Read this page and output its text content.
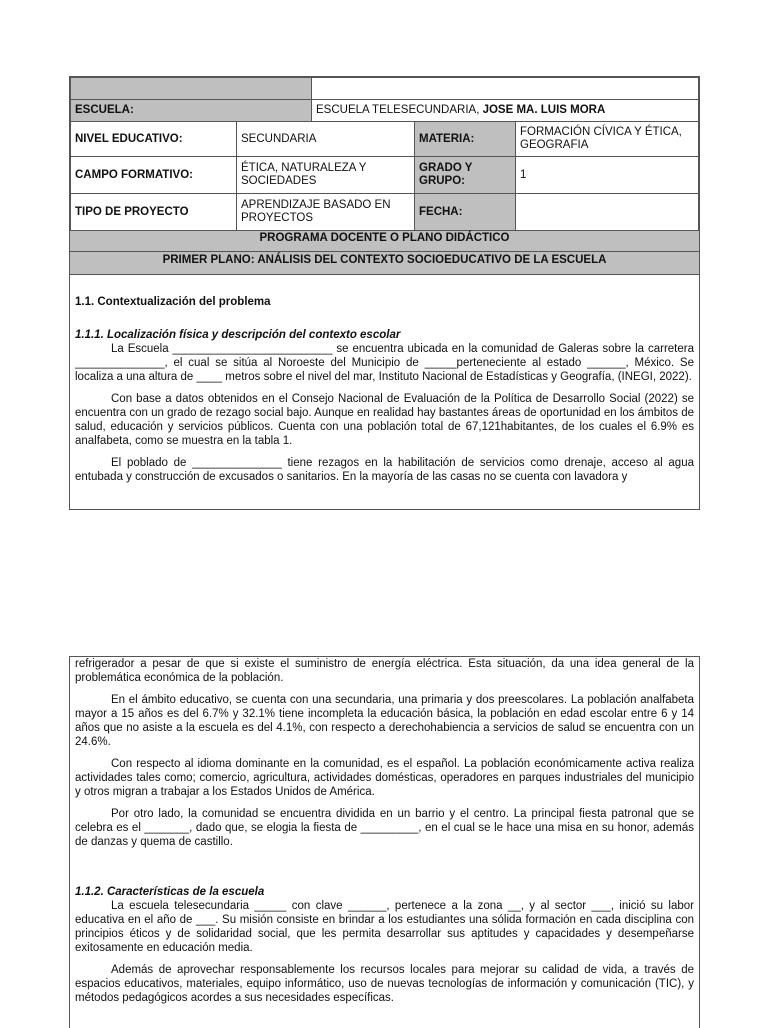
ESCUELA:		ESCUELA TELESECUNDARIA, JOSE MA. LUIS MORA		
NIVEL EDUCATIVO:	SECUNDARIA		MATERIA:	FORMACIÓN CÍVICA Y ÉTICA, GEOGRAFIA
CAMPO FORMATIVO:	ÉTICA, NATURALEZA Y SOCIEDADES		GRADO Y GRUPO:	1
TIPO DE PROYECTO	APRENDIZAJE BASADO EN PROYECTOS		FECHA:	
PROGRAMA DOCENTE O PLANO DIDÁCTICO
PRIMER PLANO: ANÁLISIS DEL CONTEXTO SOCIOEDUCATIVO DE LA ESCUELA
1.1. Contextualización del problema
1.1.1. Localización física y descripción del contexto escolar

La Escuela _________________________ se encuentra ubicada en la comunidad de Galeras sobre la carretera ______________, el cual se sitúa al Noroeste del Municipio de _____perteneciente al estado ______, México. Se localiza a una altura de ____ metros sobre el nivel del mar, Instituto Nacional de Estadísticas y Geografía, (INEGI, 2022).

Con base a datos obtenidos en el Consejo Nacional de Evaluación de la Política de Desarrollo Social (2022) se encuentra con un grado de rezago social bajo. Aunque en realidad hay bastantes áreas de oportunidad en los ámbitos de salud, educación y servicios públicos. Cuenta con una población total de 67,121habitantes, de los cuales el 6.9% es analfabeta, como se muestra en la tabla 1.

El poblado de ______________ tiene rezagos en la habilitación de servicios como drenaje, acceso al agua entubada y construcción de excusados o sanitarios. En la mayoría de las casas no se cuenta con lavadora y

refrigerador a pesar de que si existe el suministro de energía eléctrica. Esta situación, da una idea general de la problemática económica de la población.

En el ámbito educativo, se cuenta con una secundaria, una primaria y dos preescolares. La población analfabeta mayor a 15 años es del 6.7% y 32.1% tiene incompleta la educación básica, la población en edad escolar entre 6 y 14 años que no asiste a la escuela es del 4.1%, con respecto a derechohabiencia a servicios de salud se encuentra con un 24.6%.

Con respecto al idioma dominante en la comunidad, es el español. La población económicamente activa realiza actividades tales como; comercio, agricultura, actividades domésticas, operadores en parques industriales del municipio y otros migran a trabajar a los Estados Unidos de América.

Por otro lado, la comunidad se encuentra dividida en un barrio y el centro. La principal fiesta patronal que se celebra es el _______, dado que, se elogia la fiesta de _________, en el cual se le hace una misa en su honor, además de danzas y quema de castillo.

1.1.2. Características de la escuela

La escuela telesecundaria _____ con clave ______, pertenece a la zona __, y al sector ___, inició su labor educativa en el año de ___. Su misión consiste en brindar a los estudiantes una sólida formación en cada disciplina con principios éticos y de solidaridad social, que les permita desarrollar sus aptitudes y capacidades y desempeñarse exitosamente en educación media.

Además de aprovechar responsablemente los recursos locales para mejorar su calidad de vida, a través de espacios educativos, materiales, equipo informático, uso de nuevas tecnologías de información y comunicación (TIC), y métodos pedagógicos acordes a sus necesidades específicas.
